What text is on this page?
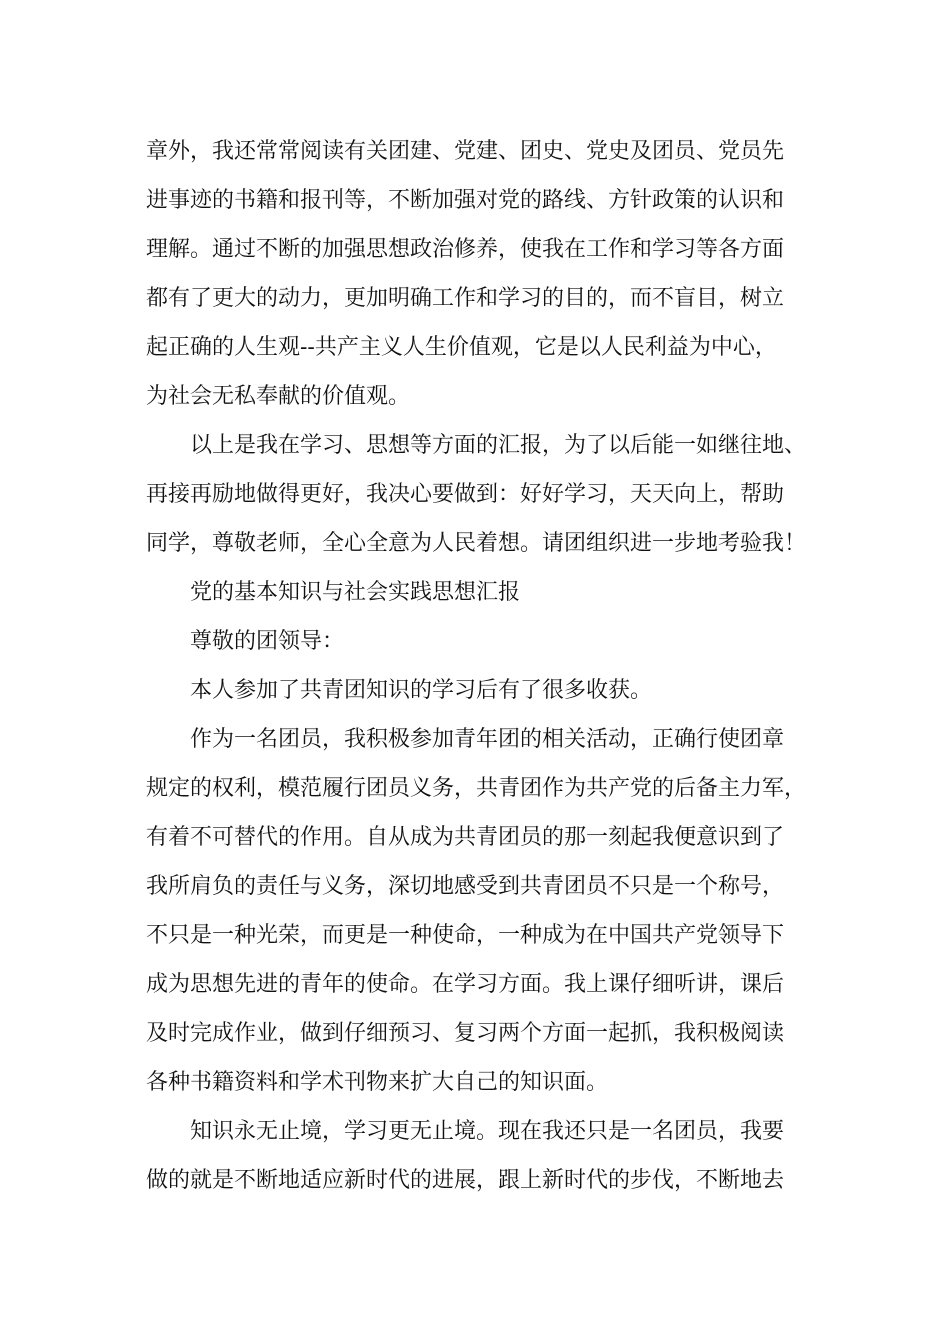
章外，我还常常阅读有关团建、党建、团史、党史及团员、党员先
进事迹的书籍和报刊等，不断加强对党的路线、方针政策的认识和
理解。通过不断的加强思想政治修养，使我在工作和学习等各方面
都有了更大的动力，更加明确工作和学习的目的，而不盲目，树立
起正确的人生观--共产主义人生价值观，它是以人民利益为中心，
为社会无私奉献的价值观。
以上是我在学习、思想等方面的汇报，为了以后能一如继往地、
再接再励地做得更好，我决心要做到：好好学习，天天向上，帮助
同学，尊敬老师，全心全意为人民着想。请团组织进一步地考验我！
党的基本知识与社会实践思想汇报
尊敬的团领导：
本人参加了共青团知识的学习后有了很多收获。
作为一名团员，我积极参加青年团的相关活动，正确行使团章
规定的权利，模范履行团员义务，共青团作为共产党的后备主力军，
有着不可替代的作用。自从成为共青团员的那一刻起我便意识到了
我所肩负的责任与义务，深切地感受到共青团员不只是一个称号，
不只是一种光荣，而更是一种使命，一种成为在中国共产党领导下
成为思想先进的青年的使命。在学习方面。我上课仔细听讲，课后
及时完成作业，做到仔细预习、复习两个方面一起抓，我积极阅读
各种书籍资料和学术刊物来扩大自己的知识面。
知识永无止境，学习更无止境。现在我还只是一名团员，我要
做的就是不断地适应新时代的进展，跟上新时代的步伐，不断地去
